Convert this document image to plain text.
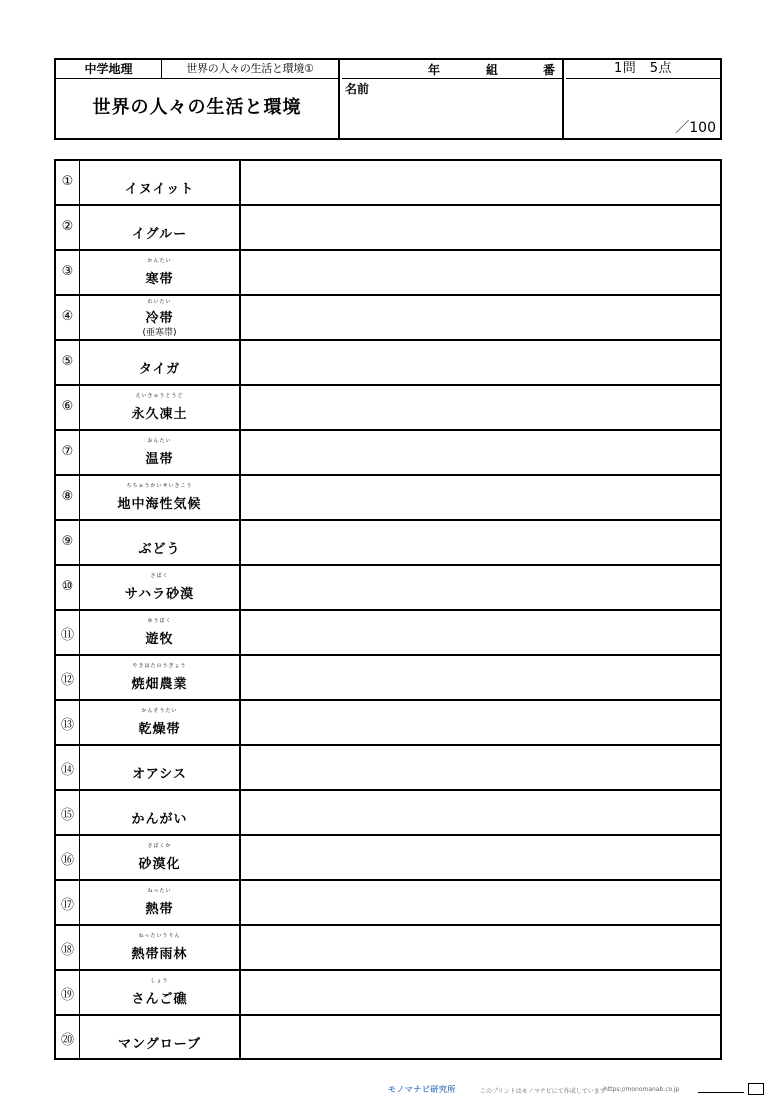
中学地理	世界の人々の生活と環境①
世界の人々の生活と環境
年	組	番
名前
1問　5点
／100
①
イヌイット
②
イグルー
③
かんたい
寒帯
④
れいたい
冷帯
(亜寒帯)
⑤
タイガ
⑥
えいきゅうとうど
永久凍土
⑦
おんたい
温帯
⑧
ちちゅうかいせいきこう
地中海性気候
⑨
ぶどう
⑩
さばく
サハラ砂漠
⑪
ゆうぼく
遊牧
⑫
やきはたのうぎょう
焼畑農業
⑬
かんそうたい
乾燥帯
⑭	オアシス
⑮	かんがい
⑯
さばくか
砂漠化
⑰
ねったい
熱帯
⑱
ねったいうりん
熱帯雨林
⑲
しょう
さんご礁
⑳	マングローブ
モノマナビ研究所	このプリントはモノマナビにて作成しています
https://monomanab.co.jp
